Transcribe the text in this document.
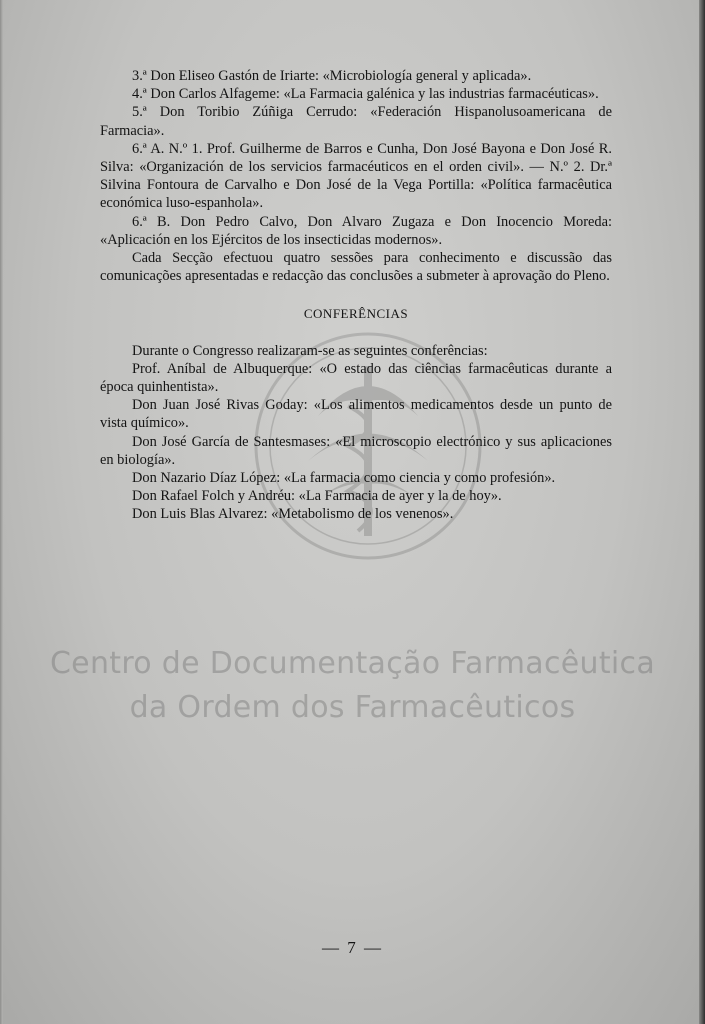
3.ª Don Eliseo Gastón de Iriarte: «Microbiología general y aplicada».

4.ª Don Carlos Alfageme: «La Farmacia galénica y las industrias farmacéuticas».

5.ª Don Toribio Zúñiga Cerrudo: «Federación Hispanolusoamericana de Farmacia».

6.ª A. N.º 1. Prof. Guilherme de Barros e Cunha, Don José Bayona e Don José R. Silva: «Organización de los servicios farmacéuticos en el orden civil». — N.º 2. Dr.ª Silvina Fontoura de Carvalho e Don José de la Vega Portilla: «Política farmacêutica económica luso-espanhola».

6.ª B. Don Pedro Calvo, Don Alvaro Zugaza e Don Inocencio Moreda: «Aplicación en los Ejércitos de los insecticidas modernos».

Cada Secção efectuou quatro sessões para conhecimento e discussão das comunicações apresentadas e redacção das conclusões a submeter à aprovação do Pleno.

CONFERÊNCIAS

Durante o Congresso realizaram-se as seguintes conferências:

Prof. Aníbal de Albuquerque: «O estado das ciências farmacêuticas durante a época quinhentista».

Don Juan José Rivas Goday: «Los alimentos medicamentos desde un punto de vista químico».

Don José García de Santesmases: «El microscopio electrónico y sus aplicaciones en biología».

Don Nazario Díaz López: «La farmacia como ciencia y como profesión».

Don Rafael Folch y Andréu: «La Farmacia de ayer y la de hoy».

Don Luis Blas Alvarez: «Metabolismo de los venenos».

Centro de Documentação Farmacêutica
da Ordem dos Farmacêuticos
— 7 —
